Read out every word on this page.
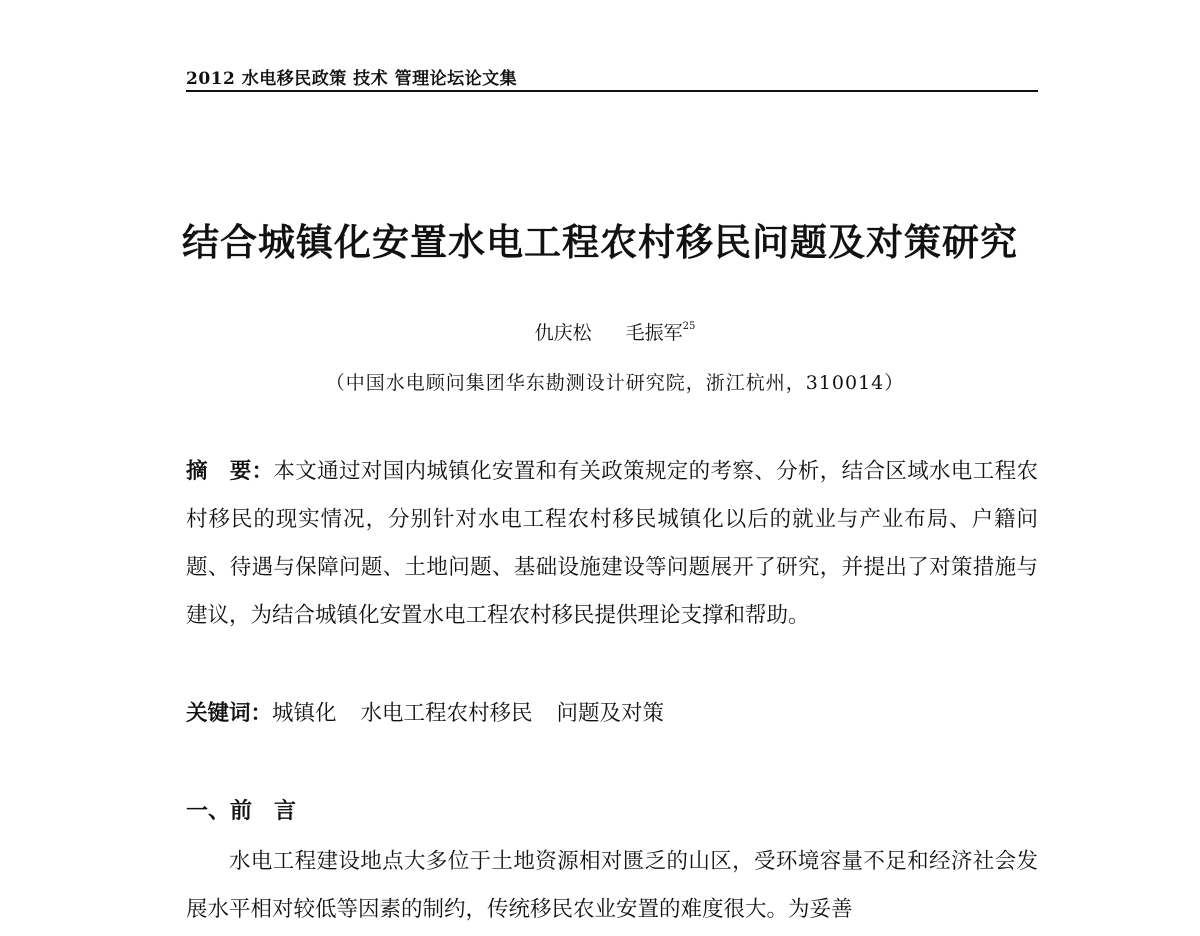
2012 水电移民政策 技术 管理论坛论文集
结合城镇化安置水电工程农村移民问题及对策研究
仇庆松 毛振军$^{25}$
（中国水电顾问集团华东勘测设计研究院，浙江杭州，310014）

摘　要：本文通过对国内城镇化安置和有关政策规定的考察、分析，结合区域水电工程农村移民的现实情况，分别针对水电工程农村移民城镇化以后的就业与产业布局、户籍问题、待遇与保障问题、土地问题、基础设施建设等问题展开了研究，并提出了对策措施与建议，为结合城镇化安置水电工程农村移民提供理论支撑和帮助。

关键词：城镇化 水电工程农村移民 问题及对策
一、前　言

水电工程建设地点大多位于土地资源相对匮乏的山区，受环境容量不足和经济社会发展水平相对较低等因素的制约，传统移民农业安置的难度很大。为妥善
